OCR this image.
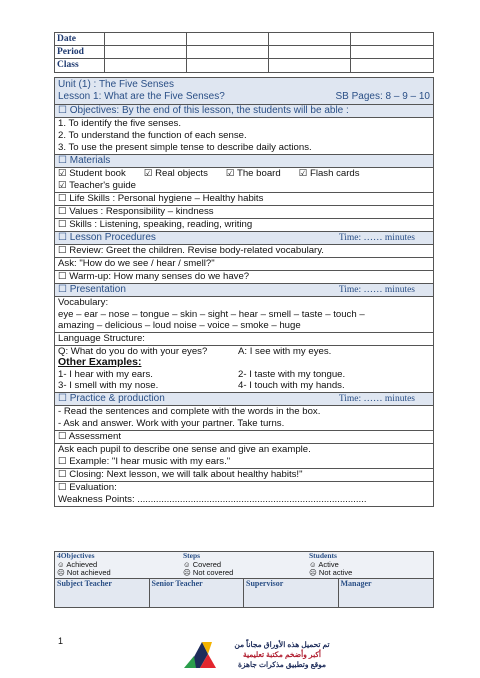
Date
Period
Class
Unit (1) : The Five Senses
Lesson 1: What are the Five Senses?	SB Pages: 8 – 9 – 10
☐ Objectives: By the end of this lesson, the students will be able :
1. To identify the five senses.
2. To understand the function of each sense.
3. To use the present simple tense to describe daily actions.
☐ Materials
☑ Student book ☑ Real objects ☑ The board ☑ Flash cards
☑ Teacher's guide
☐ Life Skills : Personal hygiene – Healthy habits
☐ Values : Responsibility – kindness
☐ Skills : Listening, speaking, reading, writing
☐ Lesson Procedures	Time: …… minutes
☐ Review: Greet the children. Revise body-related vocabulary.
Ask: "How do we see / hear / smell?"
☐ Warm-up: How many senses do we have?
☐ Presentation	Time: …… minutes
Vocabulary:
eye – ear – nose – tongue – skin – sight – hear – smell – taste – touch –
amazing – delicious – loud noise – voice – smoke – huge
Language Structure:
Q: What do you do with your eyes?	A: I see with my eyes.
Other Examples:
1- I hear with my ears.	2- I taste with my tongue.
3- I smell with my nose.	4- I touch with my hands.
☐ Practice & production	Time: …… minutes
- Read the sentences and complete with the words in the box.
- Ask and answer. Work with your partner. Take turns.
☐ Assessment
Ask each pupil to describe one sense and give an example.
☐ Example: "I hear music with my ears."
☐ Closing: Next lesson, we will talk about healthy habits!"
☐ Evaluation:
Weakness Points: ......................................................................................
4Objectives	Steps	Students
☺ Achieved	☺ Covered	☺ Active
☹ Not achieved	☹ Not covered	☹ Not active
Subject Teacher	Senior Teacher	Supervisor	Manager
1	تم تحميل هذه الأوراق مجاناً من
أكبر وأضخم مكتبة تعليمية
موقع وتطبيق مذكرات جاهزة
